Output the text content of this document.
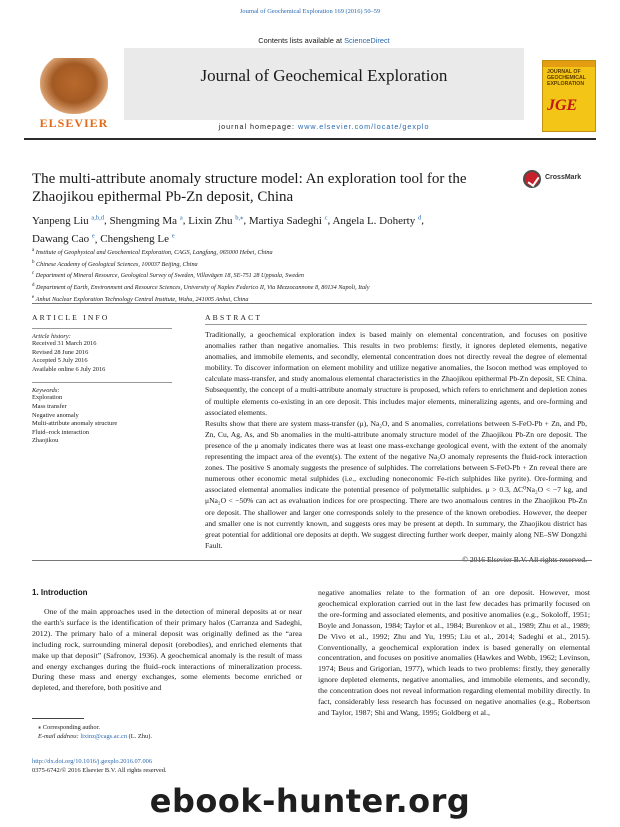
Journal of Geochemical Exploration 169 (2016) 50–59
ELSEVIER
Contents lists available at ScienceDirect
Journal of Geochemical Exploration
journal homepage: www.elsevier.com/locate/gexplo
JOURNAL OF GEOCHEMICAL EXPLORATION
JGE
The multi-attribute anomaly structure model: An exploration tool for the
Zhaojikou epithermal Pb-Zn deposit, China
CrossMark
Yanpeng Liu $^{a,b,d}$, Shengming Ma $^a$, Lixin Zhu $^{b,⁎}$, Martiya Sadeghi $^c$, Angela L. Doherty $^d$,
Dawang Cao $^e$, Chengsheng Le $^e$
$^a$ Institute of Geophysical and Geochemical Exploration, CAGS, Langfang, 065000 Hebei, China
$^b$ Chinese Academy of Geological Sciences, 100037 Beijing, China
$^c$ Department of Mineral Resource, Geological Survey of Sweden, Villavägen 18, SE-751 28 Uppsala, Sweden
$^d$ Department of Earth, Environment and Resource Sciences, University of Naples Federico II, Via Mezzocannone 8, 80134 Napoli, Italy
$^e$ Anhui Nuclear Exploration Technology Central Institute, Wuhu, 241005 Anhui, China
ARTICLE INFO
Article history:
Received 31 March 2016
Revised 28 June 2016
Accepted 5 July 2016
Available online 6 July 2016
Keywords:
Exploration
Mass transfer
Negative anomaly
Multi-attribute anomaly structure
Fluid–rock interaction
Zhaojikou
ABSTRACT

Traditionally, a geochemical exploration index is based mainly on elemental concentration, and focuses on positive anomalies rather than negative anomalies. This results in two problems: firstly, it ignores depleted elements, negative anomalies, and immobile elements, and secondly, elemental concentration does not directly reveal the degree of elemental mobility. To discover information on element mobility and utilize negative anomalies, the Isocon method was employed to calculate mass-transfer, and study anomalous elemental characteristics in the Zhaojikou epithermal Pb-Zn deposit, SE China. Subsequently, the concept of a multi-attribute anomaly structure is proposed, which refers to enrichment and depletion zones of multiple elements co-existing in an ore deposit. This includes major elements, mineralizing agents, and ore-forming and associated elements.

Results show that there are system mass-transfer (μ), Na₂O, and S anomalies, correlations between S-FeO-Pb + Zn, and Pb, Zn, Cu, Ag, As, and Sb anomalies in the multi-attribute anomaly structure model of the Zhaojikou Pb-Zn ore deposit. The presence of the μ anomaly indicates there was at least one mass-exchange geological event, with the extent of the anomaly representing the impact area of the event(s). The extent of the negative Na₂O anomaly represents the fluid-rock interaction zones. The positive S anomaly suggests the presence of sulphides. The correlations between S-FeO-Pb + Zn reveal there are numerous other economic metal sulphides (i.e., excluding noneconomic Fe-rich sulphides like pyrite). Ore-forming and associated elemental anomalies indicate the potential presence of polymetallic sulphides. μ > 0.3, ΔC⁰Na₂O < −7 kg, and μNa₂O < −50% can act as evaluation indices for ore prospecting. There are two anomalous centres in the Zhaojikou Pb-Zn ore deposit. The shallower and larger one corresponds solely to the presence of the known orebodies. However, the deeper and smaller one is not currently known, and suggests ores may be present at depth. In summary, the Zhaojikou district has great potential for additional ore deposits at depth. We suggest directing further work deeper, mainly along NE–SW Dongzhi Fault.

1. Introduction

One of the main approaches used in the detection of mineral deposits at or near the earth's surface is the identification of their primary halos (Carranza and Sadeghi, 2012). The primary halo of a mineral deposit was originally defined as the “area including rock, surrounding mineral deposit (orebodies), and enriched elements that make up that deposit” (Safronov, 1936). A geochemical anomaly is the result of mass and energy exchanges during the fluid–rock interactions of mineralization process. During these mass and energy exchanges, some elements become enriched or depleted, and therefore, both positive and

negative anomalies relate to the formation of an ore deposit. However, most geochemical exploration carried out in the last few decades has primarily focused on the ore-forming and associated elements, and positive anomalies (e.g., Sokoloff, 1951; Boyle and Jonasson, 1984; Taylor et al., 1984; Burenkov et al., 1989; Zhu et al., 1989; De Vivo et al., 1992; Zhu and Yu, 1995; Liu et al., 2014; Sadeghi et al., 2015). Conventionally, a geochemical exploration index is based generally on elemental concentration, and focuses on positive anomalies (Hawkes and Webb, 1962; Levinson, 1974; Beus and Grigorian, 1977), which leads to two problems: firstly, they generally ignore depleted elements, negative anomalies, and immobile elements, and secondly, the concentration does not reveal information regarding elemental mobility directly. In fact, considerably less research has focussed on negative anomalies (e.g., Robertson and Taylor, 1987; Shi and Wang, 1995; Goldberg et al.,

⁎ Corresponding author.
E-mail address: lixinz@cags.ac.cn (L. Zhu).
http://dx.doi.org/10.1016/j.gexplo.2016.07.006
0375-6742/© 2016 Elsevier B.V. All rights reserved.
ebook-hunter.org
